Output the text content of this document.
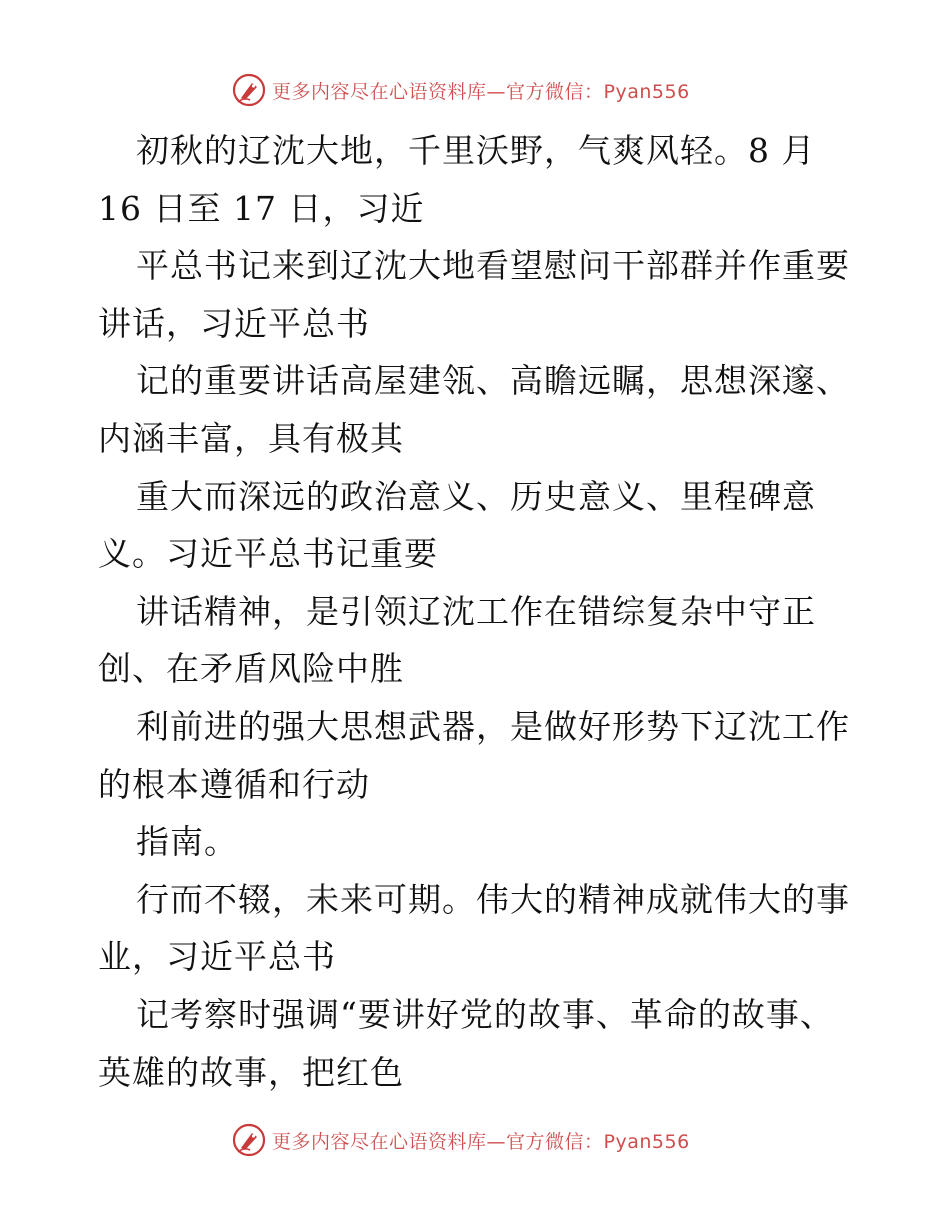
更多内容尽在心语资料库—官方微信：Pyan556
初秋的辽沈大地，千里沃野，气爽风轻。8 月
16 日至 17 日，习近
平总书记来到辽沈大地看望慰问干部群并作重要
讲话，习近平总书
记的重要讲话高屋建瓴、高瞻远瞩，思想深邃、
内涵丰富，具有极其
重大而深远的政治意义、历史意义、里程碑意
义。习近平总书记重要
讲话精神，是引领辽沈工作在错综复杂中守正
创、在矛盾风险中胜
利前进的强大思想武器，是做好形势下辽沈工作
的根本遵循和行动
指南。
行而不辍，未来可期。伟大的精神成就伟大的事
业，习近平总书
记考察时强调“要讲好党的故事、革命的故事、
英雄的故事，把红色
更多内容尽在心语资料库—官方微信：Pyan556
